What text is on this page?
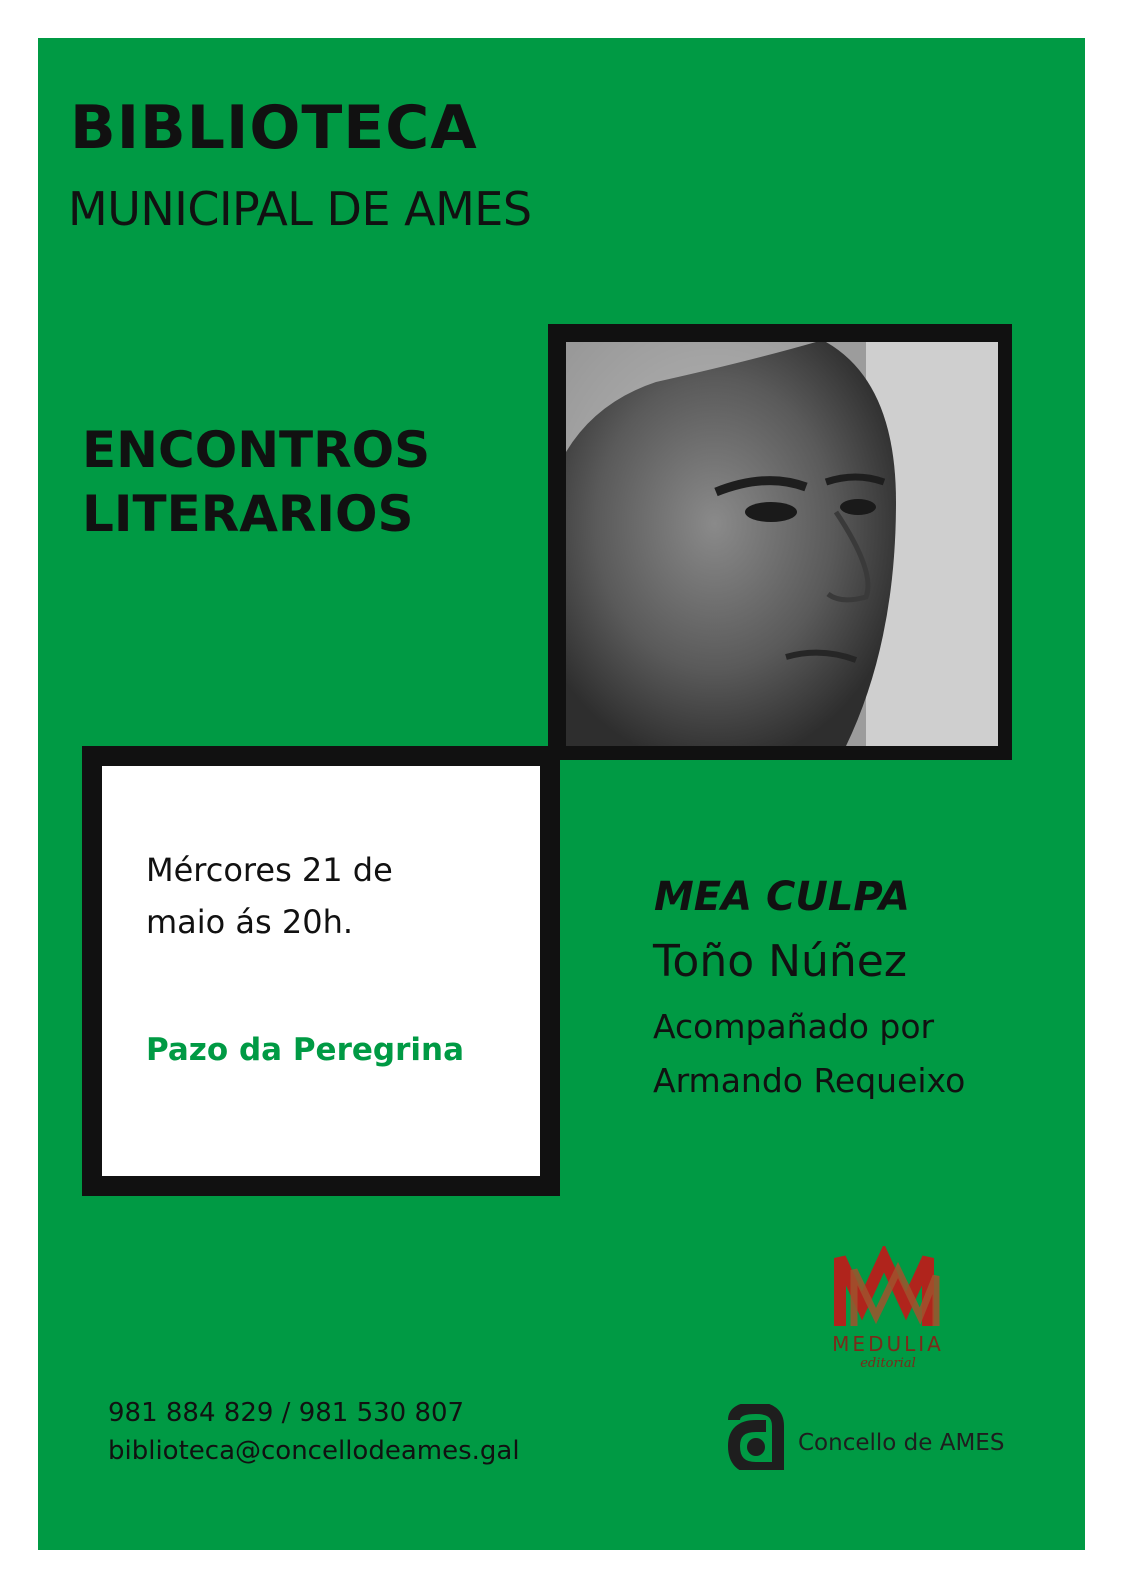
BIBLIOTECA

MUNICIPAL DE AMES

ENCONTROS
LITERARIOS

Mércores 21 de
maio ás 20h.

Pazo da Peregrina

MEA CULPA

Toño Núñez

Acompañado por
Armando Requeixo

MEDULIA
editorial

981 884 829 / 981 530 807

biblioteca@concellodeames.gal	Concello de AMES
